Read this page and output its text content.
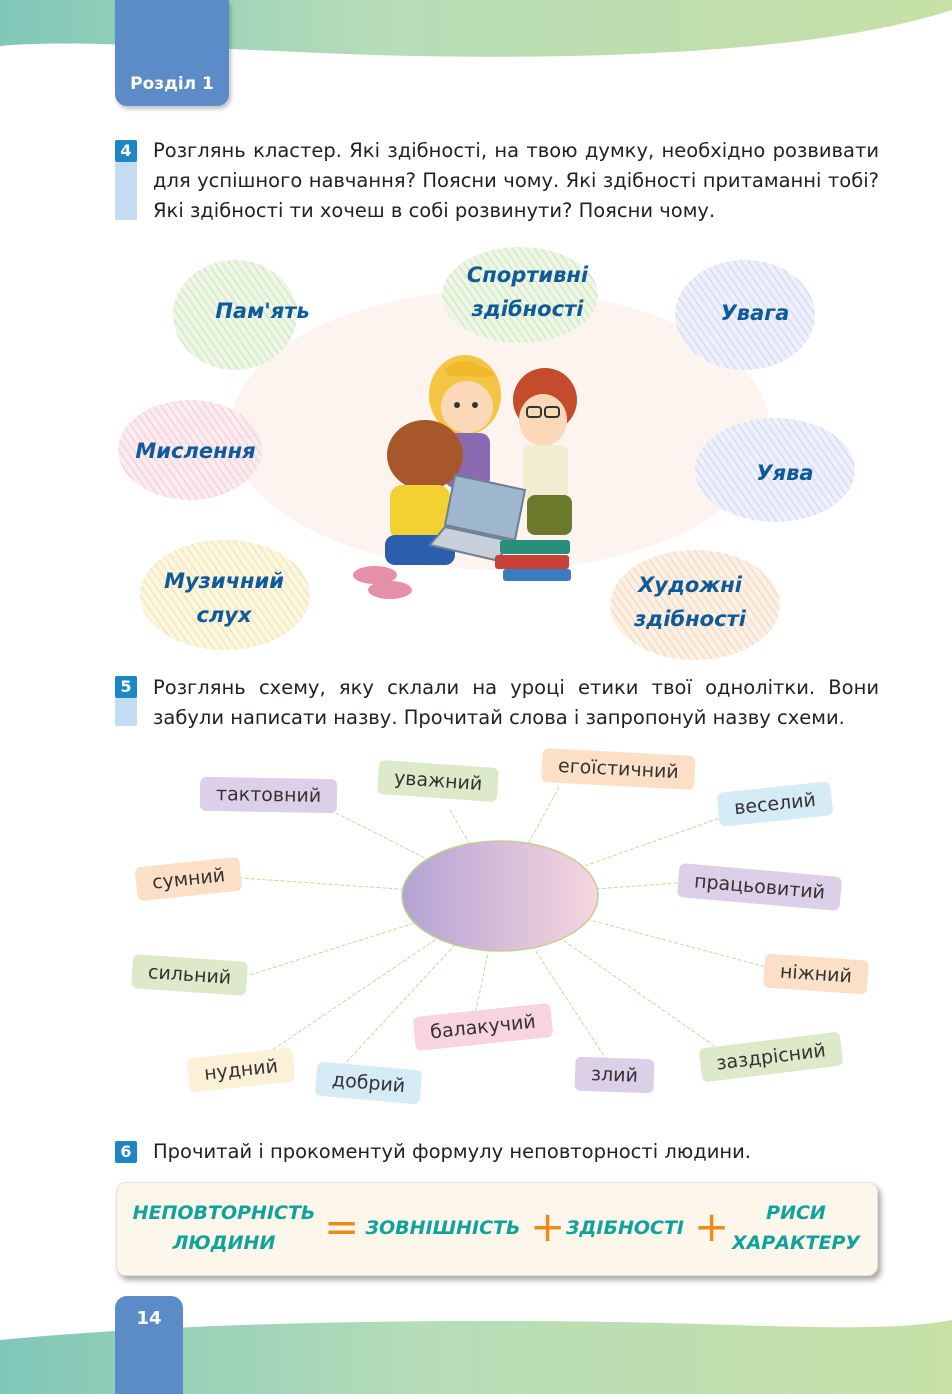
Розділ 1
4 Розглянь кластер. Які здібності, на твою думку, необхідно розвивати для успішного навчання? Поясни чому. Які здібності притаманні тобі? Які здібності ти хочеш в собі розвинути? Поясни чому.
Пам'ять
Спортивні
здібності	Увага
Мислення
Уява
Музичний
слух
Художні
здібності
5 Розглянь схему, яку склали на уроці етики твої однолітки. Вони забули написати назву. Прочитай слова і запропонуй назву схеми.
тактовний	уважний	егоїстичний
веселий
сумний	працьовитий
сильний	ніжний
балакучий
нудний	добрий	злий
заздрісний
6 Прочитай і прокоментуй формулу неповторності людини.
НЕПОВТОРНІСТЬ
ЛЮДИНИ	= ЗОВНІШНІСТЬ + ЗДІБНОСТІ +	РИСИ
ХАРАКТЕРУ
14
